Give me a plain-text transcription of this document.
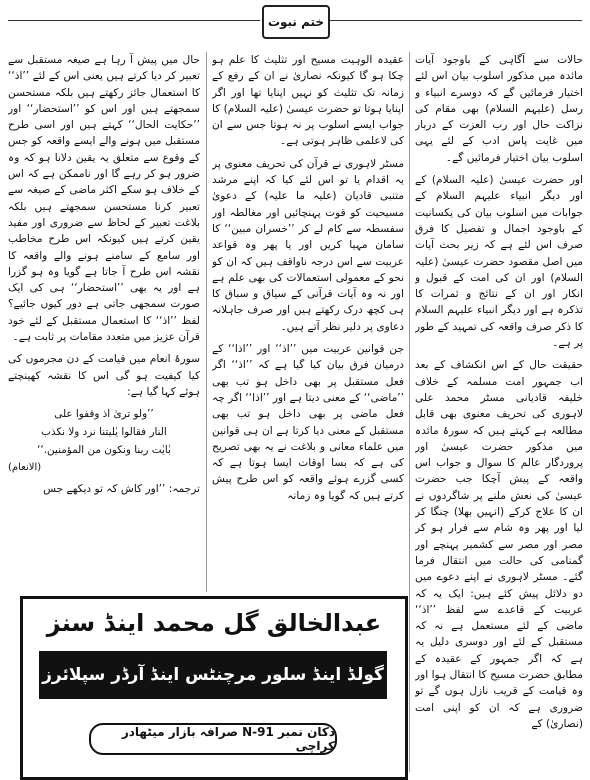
ختم نبوت

حالات سے آگاہی کے باوجود آیات مائدہ میں مذکور اسلوب بیان اس لئے اختیار فرمائیں گے کہ دوسرے انبیاء و رسل (علیہم السلام) بھی مقام کی نزاکت حال اور رب العزت کے دربار میں غایت پاس ادب کے لئے یہی اسلوب بیان اختیار فرمائیں گے۔

اور حضرت عیسیٰ (علیہ السلام) کے اور دیگر انبیاء علیہم السلام کے جوابات میں اسلوب بیان کی یکسانیت کے باوجود اجمال و تفصیل کا فرق صرف اس لئے ہے کہ زیر بحث آیات میں اصل مقصود حضرت عیسیٰ (علیہ السلام) اور ان کی امت کے قبول و انکار اور ان کے نتائج و ثمرات کا تذکرہ ہے اور دیگر انبیاء علیہم السلام کا ذکر صرف واقعہ کی تمہید کے طور پر ہے۔

حقیقت حال کے اس انکشاف کے بعد اب جمہور امت مسلمہ کے خلاف خلیفہ قادیانی مسٹر محمد علی لاہوری کی تحریف معنوی بھی قابل مطالعہ ہے کہتے ہیں کہ سورۂ مائدہ میں مذکور حضرت عیسیٰ اور پروردگار عالم کا سوال و جواب اس واقعہ کے پیش آچکا جب حضرت عیسیٰ کی نعش ملنے پر شاگردوں نے ان کا علاج کرکے (انہیں بھلا) چنگا کر لیا اور پھر وہ شام سے فرار ہو کر مصر اور مصر سے کشمیر پہنچے اور گمنامی کی حالت میں انتقال فرما گئے۔ مسٹر لاہوری نے اپنے دعوے میں دو دلائل پیش کئے ہیں: ایک یہ کہ عربیت کے قاعدے سے لفظ ’’اذ‘‘ ماضی کے لئے مستعمل ہے نہ کہ مستقبل کے لئے اور دوسری دلیل یہ ہے کہ اگر جمہور کے عقیدہ کے مطابق حضرت مسیح کا انتقال ہوا اور وہ قیامت کے قریب نازل ہوں گے تو ضروری ہے کہ ان کو اپنی امت (نصاریٰ) کے

عقیدہ الوہیت مسیح اور تثلیث کا علم ہو چکا ہو گا کیونکہ نصاریٰ نے ان کے رفع کے زمانہ تک تثلیث کو نہیں اپنایا تھا اور اگر اپنایا ہوتا تو حضرت عیسیٰ (علیہ السلام) کا جواب ایسے اسلوب پر نہ ہوتا جس سے ان کی لاعلمی ظاہر ہوتی ہے۔

مسٹر لاہوری نے قرآن کی تحریف معنوی پر یہ اقدام یا تو اس لئے کیا کہ اپنے مرشد متنبی قادیان (علیہ ما علیہ) کے دعویٰ مسیحیت کو قوت پہنچائیں اور مغالطہ اور سفسطہ سے کام لے کر ’’خسران مبین‘‘ کا سامان مہیا کریں اور یا پھر وہ قواعد عربیت سے اس درجہ ناواقف ہیں کہ ان کو نحو کے معمولی استعمالات کی بھی علم ہے اور نہ وہ آیات قرآنی کے سیاق و سباق کا ہی کچھ درک رکھتے ہیں اور صرف جاہلانہ دعاوی پر دلیر نظر آتے ہیں۔

جن قوانین عربیت میں ’’اذ‘‘ اور ’’اذا‘‘ کے درمیان فرق بیان کیا گیا ہے کہ ’’اذ‘‘ اگر فعل مستقبل پر بھی داخل ہو تب بھی ’’ماضی‘‘ کے معنی دیتا ہے اور ’’اذا‘‘ اگر چہ فعل ماضی پر بھی داخل ہو تب بھی مستقبل کے معنی دیا کرتا ہے ان ہی قوانین میں علماء معانی و بلاغت نے یہ بھی تصریح کی ہے کہ بسا اوقات ایسا ہوتا ہے کہ کسی گزرے ہوئے واقعہ کو اس طرح پیش کرتے ہیں کہ گویا وہ زمانہ

حال میں پیش آ رہا ہے صیغہ مستقبل سے تعبیر کر دیا کرتے ہیں یعنی اس کے لئے ’’اذ‘‘ کا استعمال جائز رکھتے ہیں بلکہ مستحسن سمجھتے ہیں اور اس کو ’’استحضار‘‘ اور ’’حکایت الحال‘‘ کہتے ہیں اور اسی طرح مستقبل میں ہونے والے ایسے واقعہ کو جس کے وقوع سے متعلق یہ یقین دلانا ہو کہ وہ ضرور ہو کر رہے گا اور ناممکن ہے کہ اس کے خلاف ہو سکے اکثر ماضی کے صیغہ سے تعبیر کرنا مستحسن سمجھتے ہیں بلکہ بلاغت تعبیر کے لحاظ سے ضروری اور مفید یقین کرتے ہیں کیونکہ اس طرح مخاطب اور سامع کے سامنے ہونے والے واقعہ کا نقشہ اس طرح آ جاتا ہے گویا وہ ہو گزرا ہے اور یہ بھی ’’استحضار‘‘ ہی کی ایک صورت سمجھی جاتی ہے دور کیوں جائیے؟ لفظ ’’اذ‘‘ کا استعمال مستقبل کے لئے خود قرآن عزیز میں متعدد مقامات پر ثابت ہے۔

سورۂ انعام میں قیامت کے دن مجرموں کی کیا کیفیت ہو گی اس کا نقشہ کھینچتے ہوئے کہا گیا ہے:

’’ولو ترىٰ اذ وقفوا على
النار فقالوا يٰليتنا نرد ولا نكذب
بٰايٰت ربنا ونكون من المؤمنين.‘‘
(الانعام)
ترجمہ: ’’اور کاش کہ تو دیکھے جس
عبدالخالق گل محمد اینڈ سنز
گولڈ اینڈ سلور مرچنٹس اینڈ آرڈر سپلائرز
دکان نمبر N-91 صرافہ بازار میٹھادر کراچی
